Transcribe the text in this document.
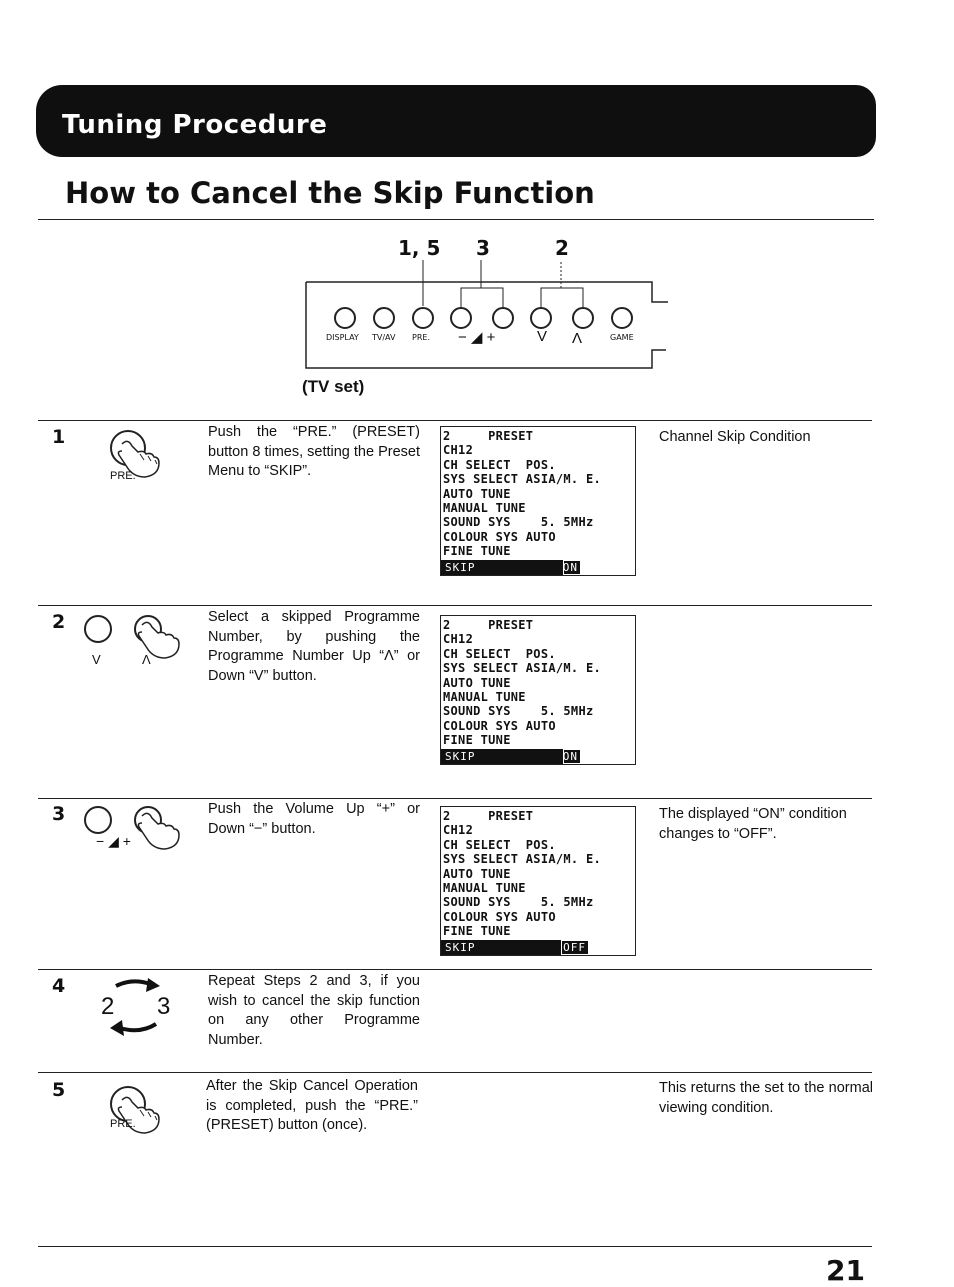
Tuning Procedure
How to Cancel the Skip Function
1, 5 3	2
DISPLAY TV/AV PRE. − ◢ +	V Λ	GAME
(TV set)
1
PRE.
Push the “PRE.” (PRESET) button 8 times, setting the Preset Menu to “SKIP”.
2     PRESET
CH12
CH SELECT  POS.
SYS SELECT ASIA/M. E.
AUTO TUNE
MANUAL TUNE
SOUND SYS    5. 5MHz
COLOUR SYS AUTO
FINE TUNE
SKIP	ON
Channel Skip Condition
2
V	Λ
Select a skipped Programme Number, by pushing the Programme Number Up “Λ” or Down “V” button.
2     PRESET
CH12
CH SELECT  POS.
SYS SELECT ASIA/M. E.
AUTO TUNE
MANUAL TUNE
SOUND SYS    5. 5MHz
COLOUR SYS AUTO
FINE TUNE
SKIP	ON
3
− ◢ +
Push the Volume Up “+” or Down “−” button.
2     PRESET
CH12
CH SELECT  POS.
SYS SELECT ASIA/M. E.
AUTO TUNE
MANUAL TUNE
SOUND SYS    5. 5MHz
COLOUR SYS AUTO
FINE TUNE
SKIP	OFF
The displayed “ON” condition changes to “OFF”.
4
2 3
Repeat Steps 2 and 3, if you wish to cancel the skip function on any other Programme Number.
5
PRE.
After the Skip Cancel Operation is completed, push the “PRE.” (PRESET) button (once).
This returns the set to the normal viewing condition.
21
